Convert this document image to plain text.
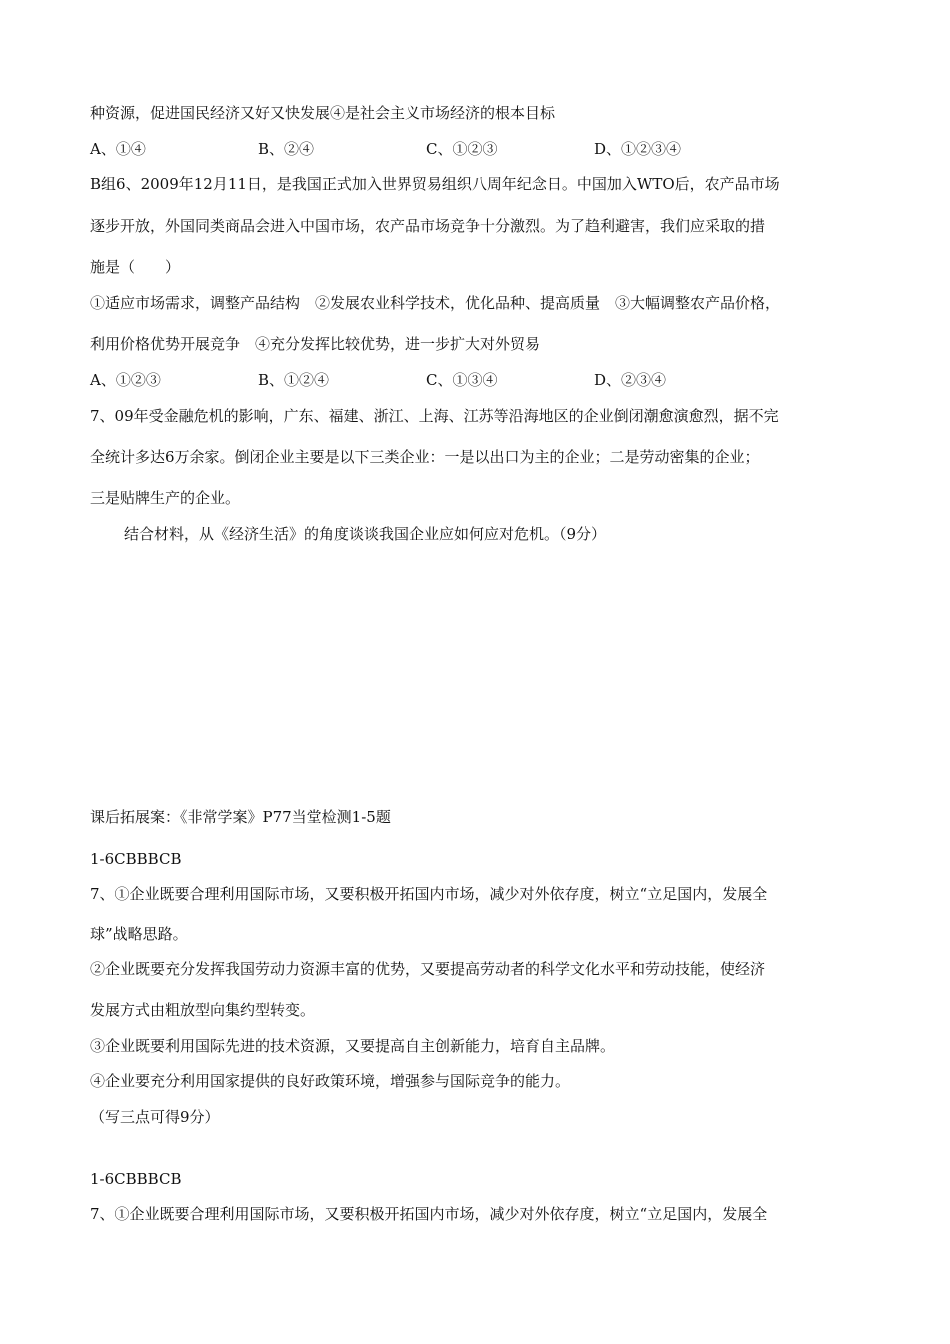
种资源，促进国民经济又好又快发展④是社会主义市场经济的根本目标
A、①④	B、②④	C、①②③	D、①②③④
B组6、2009年12月11日，是我国正式加入世界贸易组织八周年纪念日。中国加入WTO后，农产品市场
逐步开放，外国同类商品会进入中国市场，农产品市场竞争十分激烈。为了趋利避害，我们应采取的措
施是（　　）
①适应市场需求，调整产品结构　②发展农业科学技术，优化品种、提高质量　③大幅调整农产品价格，
利用价格优势开展竞争　④充分发挥比较优势，进一步扩大对外贸易
A、①②③	B、①②④	C、①③④	D、②③④
7、09年受金融危机的影响，广东、福建、浙江、上海、江苏等沿海地区的企业倒闭潮愈演愈烈，据不完
全统计多达6万余家。倒闭企业主要是以下三类企业：一是以出口为主的企业；二是劳动密集的企业；
三是贴牌生产的企业。
结合材料，从《经济生活》的角度谈谈我国企业应如何应对危机。（9分）
课后拓展案：《非常学案》P77当堂检测1-5题
1-6CBBBCB
7、①企业既要合理利用国际市场，又要积极开拓国内市场，减少对外依存度，树立“立足国内，发展全
球”战略思路。
②企业既要充分发挥我国劳动力资源丰富的优势，又要提高劳动者的科学文化水平和劳动技能，使经济
发展方式由粗放型向集约型转变。
③企业既要利用国际先进的技术资源，又要提高自主创新能力，培育自主品牌。
④企业要充分利用国家提供的良好政策环境，增强参与国际竞争的能力。
（写三点可得9分）
1-6CBBBCB
7、①企业既要合理利用国际市场，又要积极开拓国内市场，减少对外依存度，树立“立足国内，发展全
